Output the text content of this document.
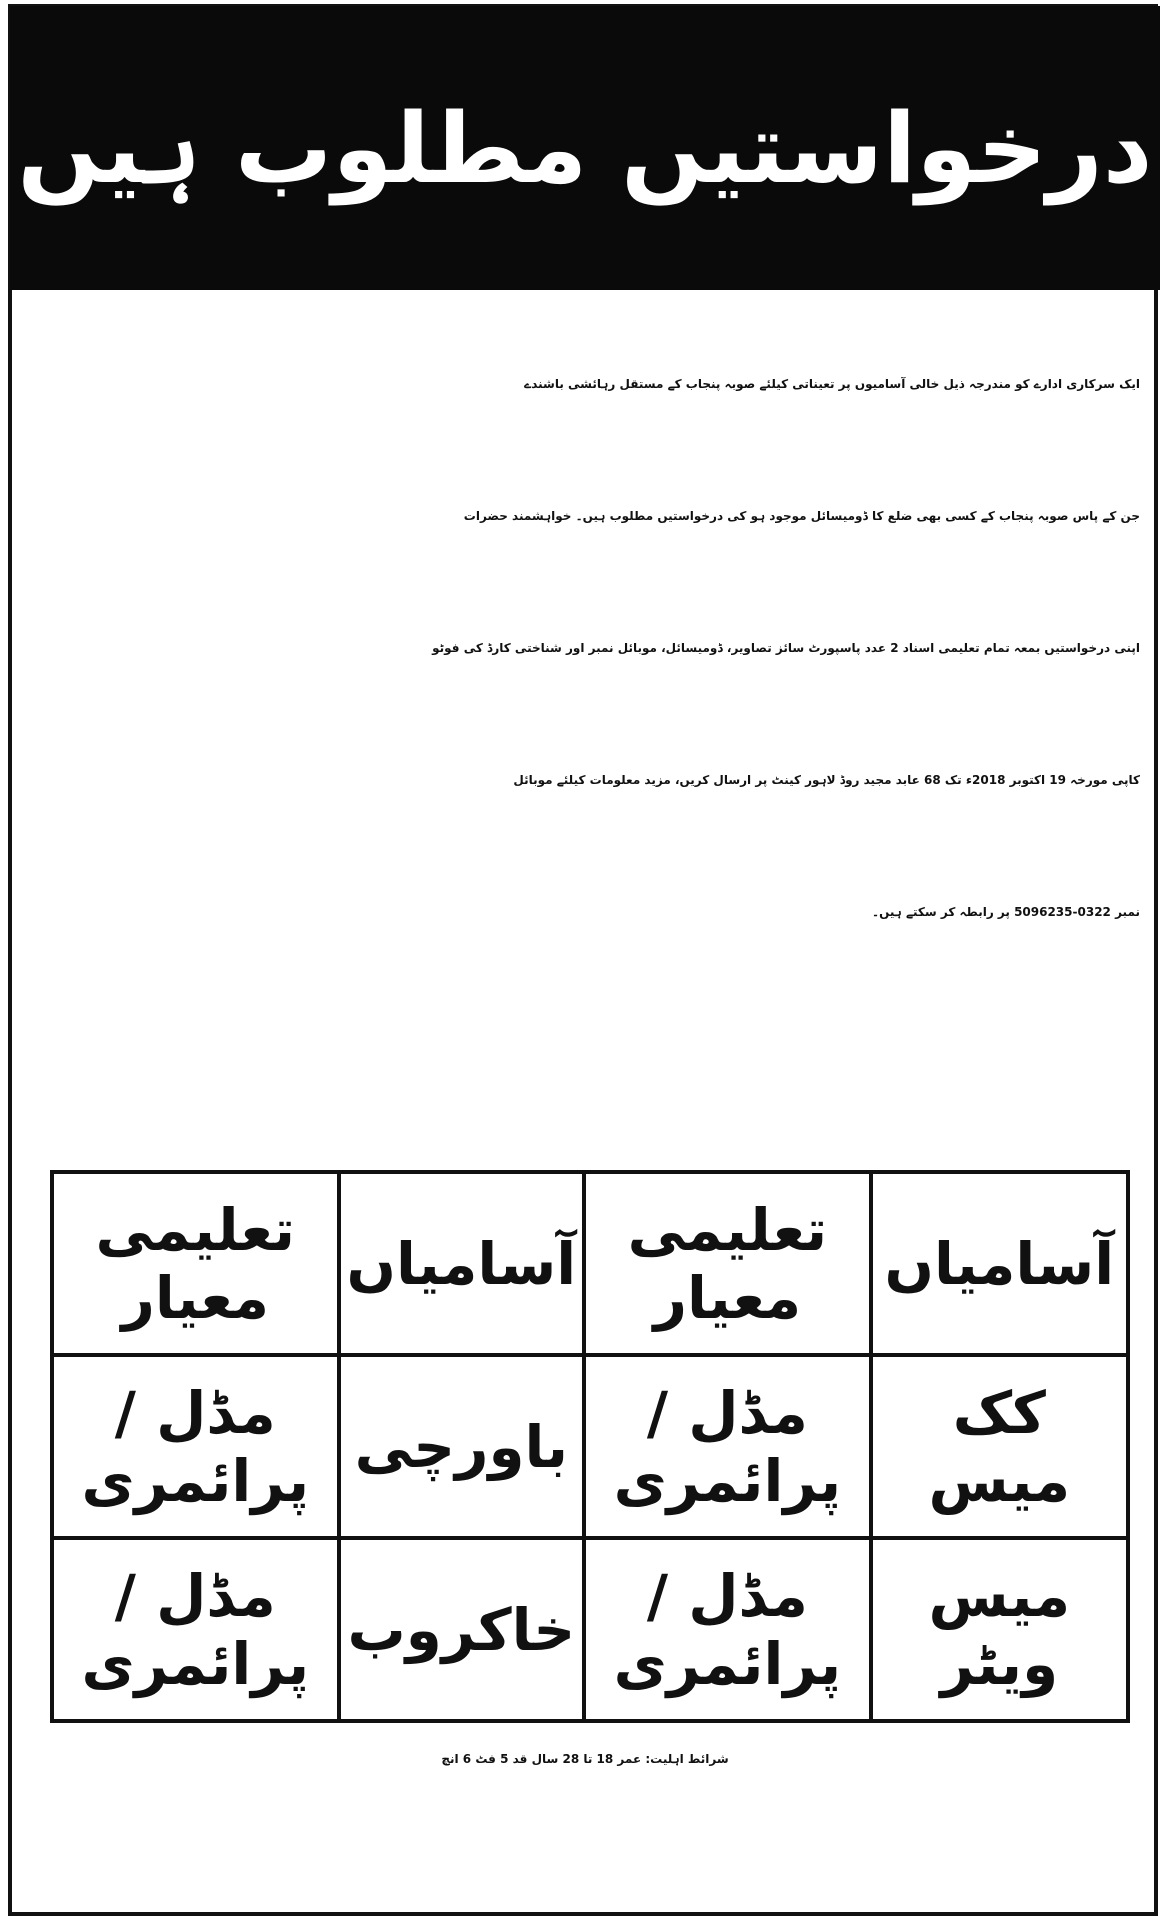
درخواستیں مطلوب ہیں
ایک سرکاری ادارے کو مندرجہ ذیل خالی آسامیوں پر تعیناتی کیلئے صوبہ پنجاب کے مستقل رہائشی باشندے
جن کے پاس صوبہ پنجاب کے کسی بھی ضلع کا ڈومیسائل موجود ہو کی درخواستیں مطلوب ہیں۔ خواہشمند حضرات
اپنی درخواستیں بمعہ تمام تعلیمی اسناد 2 عدد پاسپورٹ سائز تصاویر، ڈومیسائل، موبائل نمبر اور شناختی کارڈ کی فوٹو
کاپی مورخہ 19 اکتوبر 2018ء تک 68 عابد مجید روڈ لاہور کینٹ پر ارسال کریں، مزید معلومات کیلئے موبائل
نمبر 0322-5096235 پر رابطہ کر سکتے ہیں۔
آسامیاں	تعلیمی معیار	آسامیاں	تعلیمی معیار
کک میس	مڈل / پرائمری	باورچی	مڈل / پرائمری
میس ویٹر	مڈل / پرائمری	خاکروب	مڈل / پرائمری
شرائط اہلیت: عمر 18 تا 28 سال قد 5 فٹ 6 انچ
